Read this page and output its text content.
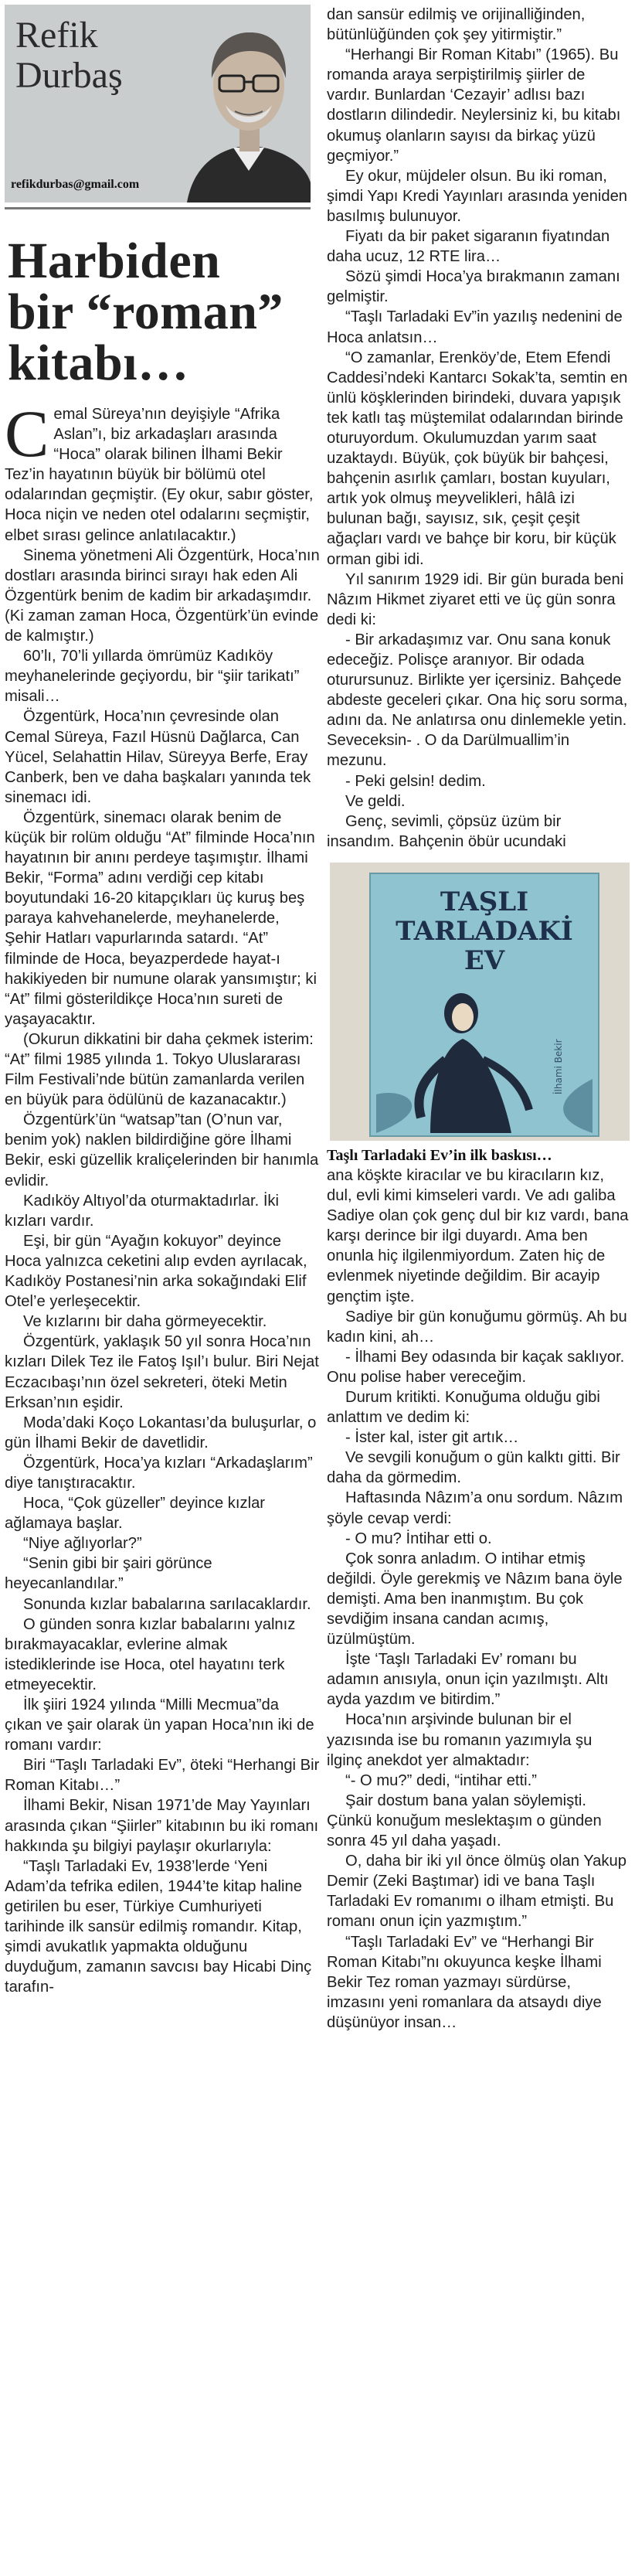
Refik
Durbaş
refikdurbas@gmail.com
Harbiden
bir “roman”
kitabı…

Cemal Süreya’nın deyişiyle “Afrika Aslan”ı, biz arkadaşları arasında “Hoca” olarak bilinen İlhami Bekir Tez’in hayatının büyük bir bölümü otel odalarından geçmiştir. (Ey okur, sabır göster, Hoca niçin ve neden otel odalarını seçmiştir, elbet sırası gelince anlatılacaktır.)

Sinema yönetmeni Ali Özgentürk, Hoca’nın dostları arasında birinci sırayı hak eden Ali Özgentürk benim de kadim bir arkadaşımdır. (Ki zaman zaman Hoca, Özgentürk’ün evinde de kalmıştır.)

60’lı, 70’li yıllarda ömrümüz Kadıköy meyhanelerinde geçiyordu, bir “şiir tarikatı” misali…

Özgentürk, Hoca’nın çevresinde olan Cemal Süreya, Fazıl Hüsnü Dağlarca, Can Yücel, Selahattin Hilav, Süreyya Berfe, Eray Canberk, ben ve daha başkaları yanında tek sinemacı idi.

Özgentürk, sinemacı olarak benim de küçük bir rolüm olduğu “At” filminde Hoca’nın hayatının bir anını perdeye taşımıştır. İlhami Bekir, “Forma” adını verdiği cep kitabı boyutundaki 16-20 kitapçıkları üç kuruş beş paraya kahvehanelerde, meyhanelerde, Şehir Hatları vapurlarında satardı. “At” filminde de Hoca, beyazperdede hayat-ı hakikiyeden bir numune olarak yansımıştır; ki “At” filmi gösterildikçe Hoca’nın sureti de yaşayacaktır.

(Okurun dikkatini bir daha çekmek isterim: “At” filmi 1985 yılında 1. Tokyo Uluslararası Film Festivali’nde bütün zamanlarda verilen en büyük para ödülünü de kazanacaktır.)

Özgentürk’ün “watsap”tan (O’nun var, benim yok) naklen bildirdiğine göre İlhami Bekir, eski güzellik kraliçelerinden bir hanımla evlidir.

Kadıköy Altıyol’da oturmaktadırlar. İki kızları vardır.

Eşi, bir gün “Ayağın kokuyor” deyince Hoca yalnızca ceketini alıp evden ayrılacak, Kadıköy Postanesi’nin arka sokağındaki Elif Otel’e yerleşecektir.

Ve kızlarını bir daha görmeyecektir.

Özgentürk, yaklaşık 50 yıl sonra Hoca’nın kızları Dilek Tez ile Fatoş Işıl’ı bulur. Biri Nejat Eczacıbaşı’nın özel sekreteri, öteki Metin Erksan’nın eşidir.

Moda’daki Koço Lokantası’da buluşurlar, o gün İlhami Bekir de davetlidir.

Özgentürk, Hoca’ya kızları “Arkadaşlarım” diye tanıştıracaktır.

Hoca, “Çok güzeller” deyince kızlar ağlamaya başlar.

“Niye ağlıyorlar?”

“Senin gibi bir şairi görünce heyecanlandılar.”

Sonunda kızlar babalarına sarılacaklardır.

O günden sonra kızlar babalarını yalnız bırakmayacaklar, evlerine almak istediklerinde ise Hoca, otel hayatını terk etmeyecektir.

İlk şiiri 1924 yılında “Milli Mecmua”da çıkan ve şair olarak ün yapan Hoca’nın iki de romanı vardır:

Biri “Taşlı Tarladaki Ev”, öteki “Herhangi Bir Roman Kitabı…”

İlhami Bekir, Nisan 1971’de May Yayınları arasında çıkan “Şiirler” kitabının bu iki romanı hakkında şu bilgiyi paylaşır okurlarıyla:

“Taşlı Tarladaki Ev, 1938’lerde ‘Yeni Adam’da tefrika edilen, 1944’te kitap haline getirilen bu eser, Türkiye Cumhuriyeti tarihinde ilk sansür edilmiş romandır. Kitap, şimdi avukatlık yapmakta olduğunu duyduğum, zamanın savcısı bay Hicabi Dinç tarafın-

dan sansür edilmiş ve orijinalliğinden, bütünlüğünden çok şey yitirmiştir.”

“Herhangi Bir Roman Kitabı” (1965). Bu romanda araya serpiştirilmiş şiirler de vardır. Bunlardan ‘Cezayir’ adlısı bazı dostların dilindedir. Neylersiniz ki, bu kitabı okumuş olanların sayısı da birkaç yüzü geçmiyor.”

Ey okur, müjdeler olsun. Bu iki roman, şimdi Yapı Kredi Yayınları arasında yeniden basılmış bulunuyor.

Fiyatı da bir paket sigaranın fiyatından daha ucuz, 12 RTE lira…

Sözü şimdi Hoca’ya bırakmanın zamanı gelmiştir.

“Taşlı Tarladaki Ev”in yazılış nedenini de Hoca anlatsın…

“O zamanlar, Erenköy’de, Etem Efendi Caddesi’ndeki Kantarcı Sokak’ta, semtin en ünlü köşklerinden birindeki, duvara yapışık tek katlı taş müştemilat odalarından birinde oturuyordum. Okulumuzdan yarım saat uzaktaydı. Büyük, çok büyük bir bahçesi, bahçenin asırlık çamları, bostan kuyuları, artık yok olmuş meyvelikleri, hâlâ izi bulunan bağı, sayısız, sık, çeşit çeşit ağaçları vardı ve bahçe bir koru, bir küçük orman gibi idi.

Yıl sanırım 1929 idi. Bir gün burada beni Nâzım Hikmet ziyaret etti ve üç gün sonra dedi ki:

- Bir arkadaşımız var. Onu sana konuk edeceğiz. Polisçe aranıyor. Bir odada oturursunuz. Birlikte yer içersiniz. Bahçede abdeste geceleri çıkar. Ona hiç soru sorma, adını da. Ne anlatırsa onu dinlemekle yetin. Seveceksin- . O da Darülmuallim’in mezunu.

- Peki gelsin! dedim.

Ve geldi.

Genç, sevimli, çöpsüz üzüm bir insandım. Bahçenin öbür ucundaki

TAŞLI
TARLADAKİ
EV
İlhami Bekir
Taşlı Tarladaki Ev’in ilk baskısı…

ana köşkte kiracılar ve bu kiracıların kız, dul, evli kimi kimseleri vardı. Ve adı galiba Sadiye olan çok genç dul bir kız vardı, bana karşı derince bir ilgi duyardı. Ama ben onunla hiç ilgilenmiyordum. Zaten hiç de evlenmek niyetinde değildim. Bir acayip gençtim işte.

Sadiye bir gün konuğumu görmüş. Ah bu kadın kini, ah…

- İlhami Bey odasında bir kaçak saklıyor. Onu polise haber vereceğim.

Durum kritikti. Konuğuma olduğu gibi anlattım ve dedim ki:

- İster kal, ister git artık…

Ve sevgili konuğum o gün kalktı gitti. Bir daha da görmedim.

Haftasında Nâzım’a onu sordum. Nâzım şöyle cevap verdi:

- O mu? İntihar etti o.

Çok sonra anladım. O intihar etmiş değildi. Öyle gerekmiş ve Nâzım bana öyle demişti. Ama ben inanmıştım. Bu çok sevdiğim insana candan acımış, üzülmüştüm.

İşte ‘Taşlı Tarladaki Ev’ romanı bu adamın anısıyla, onun için yazılmıştı. Altı ayda yazdım ve bitirdim.”

Hoca’nın arşivinde bulunan bir el yazısında ise bu romanın yazımıyla şu ilginç anekdot yer almaktadır:

“- O mu?” dedi, “intihar etti.”

Şair dostum bana yalan söylemişti. Çünkü konuğum meslektaşım o günden sonra 45 yıl daha yaşadı.

O, daha bir iki yıl önce ölmüş olan Yakup Demir (Zeki Baştımar) idi ve bana Taşlı Tarladaki Ev romanımı o ilham etmişti. Bu romanı onun için yazmıştım.”

“Taşlı Tarladaki Ev” ve “Herhangi Bir Roman Kitabı”nı okuyunca keşke İlhami Bekir Tez roman yazmayı sürdürse, imzasını yeni romanlara da atsaydı diye düşünüyor insan…
